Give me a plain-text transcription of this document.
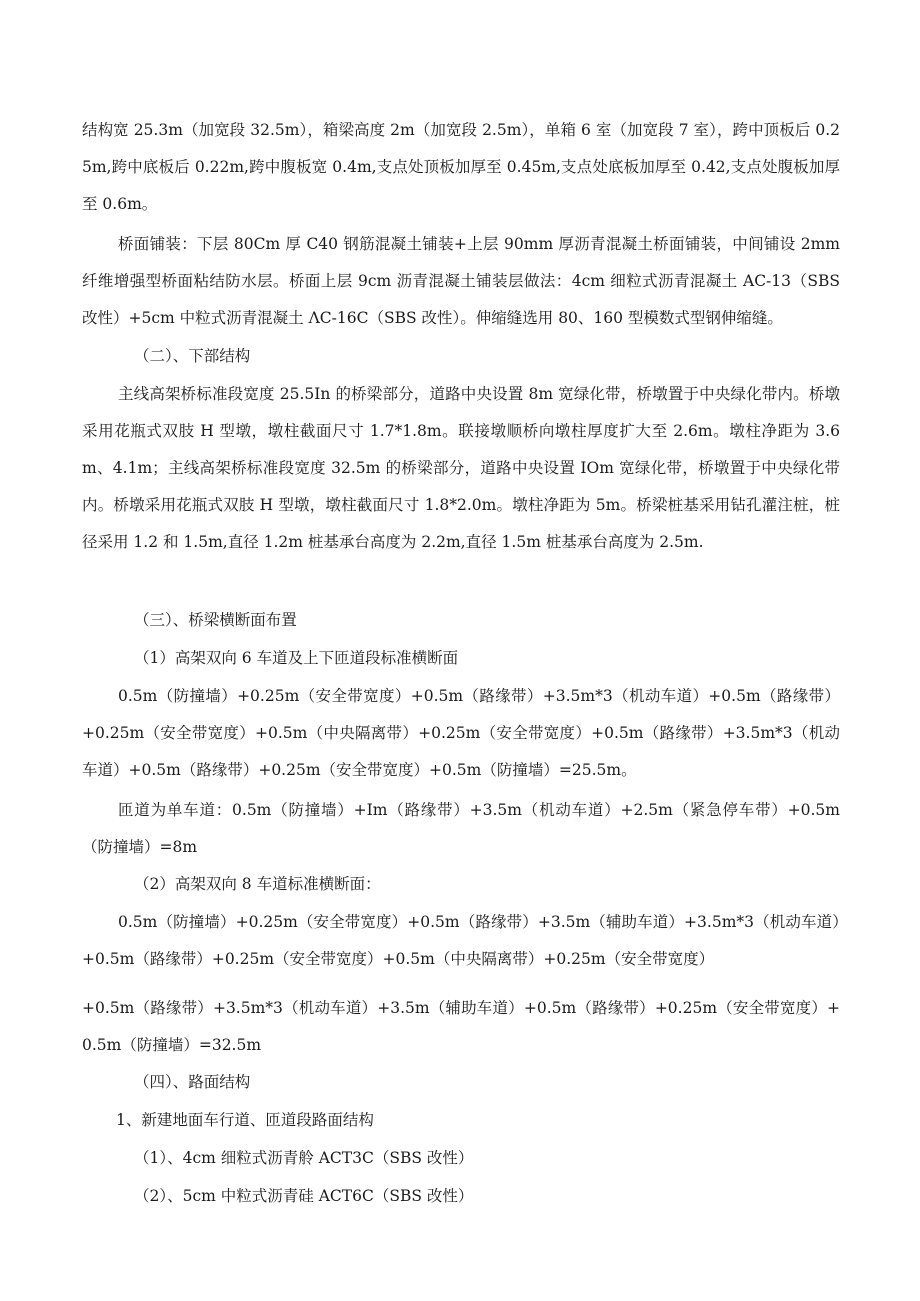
结构宽 25.3m（加宽段 32.5m），箱梁高度 2m（加宽段 2.5m），单箱 6 室（加宽段 7 室），跨中顶板后 0.25m,跨中底板后 0.22m,跨中腹板宽 0.4m,支点处顶板加厚至 0.45m,支点处底板加厚至 0.42,支点处腹板加厚至 0.6m。

桥面铺装：下层 80Cm 厚 C40 钢筋混凝土铺装+上层 90mm 厚沥青混凝土桥面铺装，中间铺设 2mm 纤维增强型桥面粘结防水层。桥面上层 9cm 沥青混凝土铺装层做法：4cm 细粒式沥青混凝土 AC-13（SBS 改性）+5cm 中粒式沥青混凝土 ΛC-16C（SBS 改性）。伸缩缝选用 80、160 型模数式型钢伸缩缝。

（二）、下部结构

主线高架桥标准段宽度 25.5In 的桥梁部分，道路中央设置 8m 宽绿化带，桥墩置于中央绿化带内。桥墩采用花瓶式双肢 H 型墩，墩柱截面尺寸 1.7*1.8m。联接墩顺桥向墩柱厚度扩大至 2.6m。墩柱净距为 3.6m、4.1m；主线高架桥标准段宽度 32.5m 的桥梁部分，道路中央设置 IOm 宽绿化带，桥墩置于中央绿化带内。桥墩采用花瓶式双肢 H 型墩，墩柱截面尺寸 1.8*2.0m。墩柱净距为 5m。桥梁桩基采用钻孔灌注桩，桩径采用 1.2 和 1.5m,直径 1.2m 桩基承台高度为 2.2m,直径 1.5m 桩基承台高度为 2.5m.

（三）、桥梁横断面布置

（1）高架双向 6 车道及上下匝道段标准横断面

0.5m（防撞墙）+0.25m（安全带宽度）+0.5m（路缘带）+3.5m*3（机动车道）+0.5m（路缘带）+0.25m（安全带宽度）+0.5m（中央隔离带）+0.25m（安全带宽度）+0.5m（路缘带）+3.5m*3（机动车道）+0.5m（路缘带）+0.25m（安全带宽度）+0.5m（防撞墙）=25.5m。

匝道为单车道：0.5m（防撞墙）+Im（路缘带）+3.5m（机动车道）+2.5m（紧急停车带）+0.5m（防撞墙）=8m

（2）高架双向 8 车道标准横断面：

0.5m（防撞墙）+0.25m（安全带宽度）+0.5m（路缘带）+3.5m（辅助车道）+3.5m*3（机动车道）+0.5m（路缘带）+0.25m（安全带宽度）+0.5m（中央隔离带）+0.25m（安全带宽度）

+0.5m（路缘带）+3.5m*3（机动车道）+3.5m（辅助车道）+0.5m（路缘带）+0.25m（安全带宽度）+0.5m（防撞墙）=32.5m

（四）、路面结构

1、新建地面车行道、匝道段路面结构

（1）、4cm 细粒式沥青舲 ACT3C（SBS 改性）

（2）、5cm 中粒式沥青硅 ACT6C（SBS 改性）
